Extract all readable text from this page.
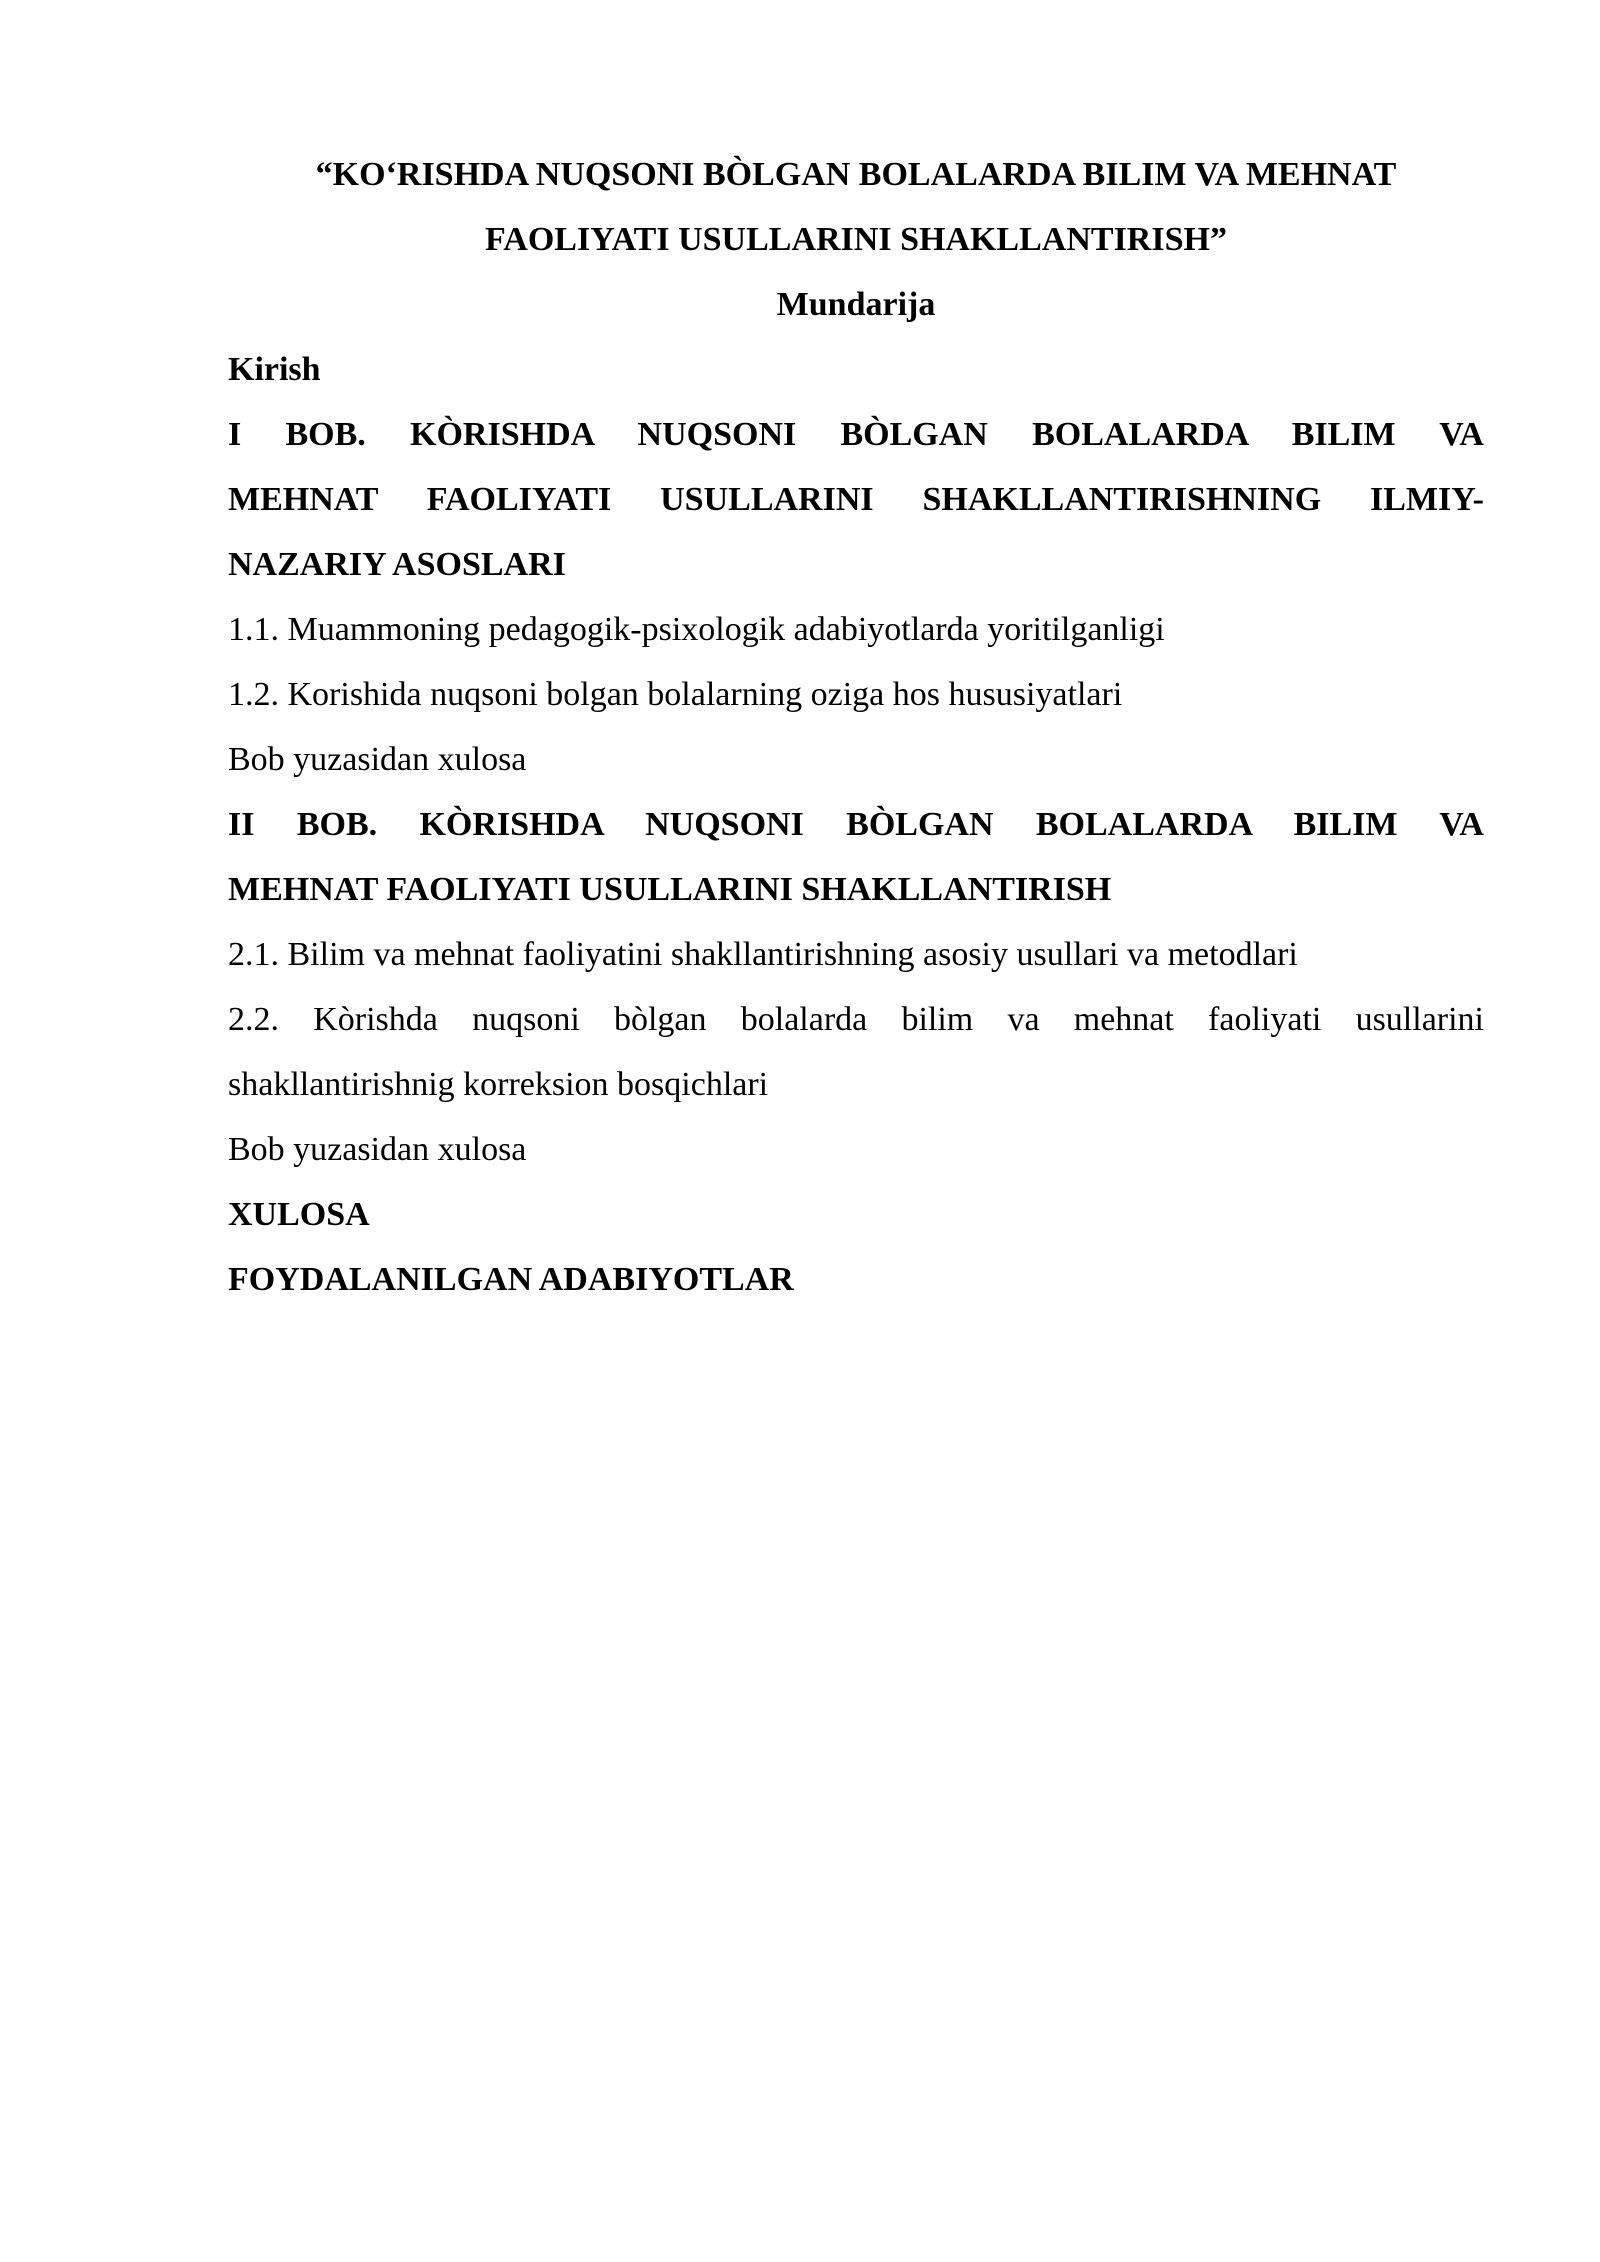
“KO‘RISHDA NUQSONI BÒLGAN BOLALARDA BILIM VA MEHNAT
FAOLIYATI USULLARINI SHAKLLANTIRISH”
Mundarija
Kirish
I BOB. KÒRISHDA NUQSONI BÒLGAN BOLALARDA BILIM VA
MEHNAT FAOLIYATI USULLARINI SHAKLLANTIRISHNING ILMIY-
NAZARIY ASOSLARI
1.1. Muammoning pedagogik-psixologik adabiyotlarda yoritilganligi
1.2. Korishida nuqsoni bolgan bolalarning oziga hos hususiyatlari
Bob yuzasidan xulosa
II BOB. KÒRISHDA NUQSONI BÒLGAN BOLALARDA BILIM VA
MEHNAT FAOLIYATI USULLARINI SHAKLLANTIRISH
2.1. Bilim va mehnat faoliyatini shakllantirishning asosiy usullari va metodlari
2.2. Kòrishda nuqsoni bòlgan bolalarda bilim va mehnat faoliyati usullarini
shakllantirishnig korreksion bosqichlari
Bob yuzasidan xulosa
XULOSA
FOYDALANILGAN ADABIYOTLAR
